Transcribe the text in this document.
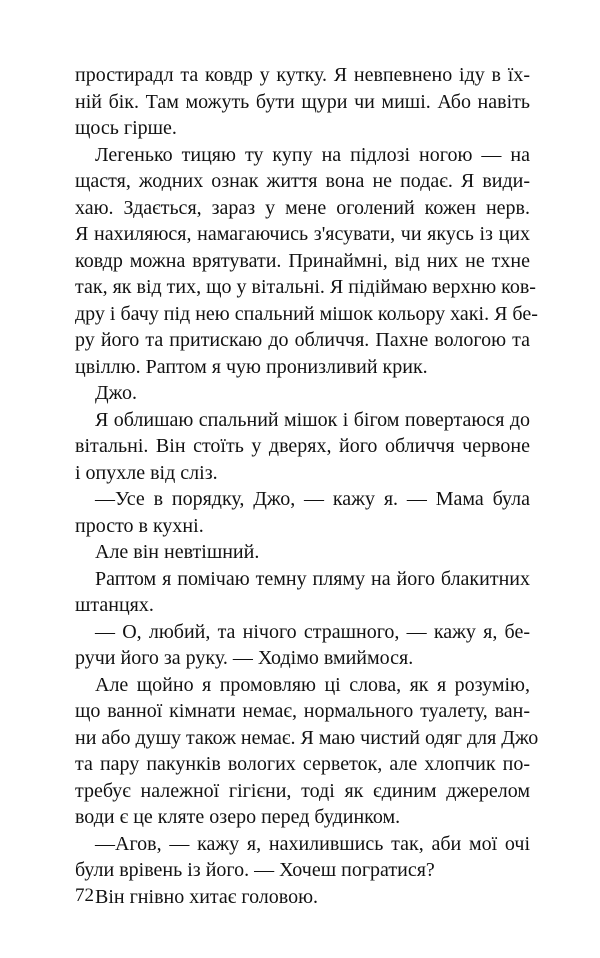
простирадл та ковдр у кутку. Я невпевнено іду в їх-
ній бік. Там можуть бути щури чи миші. Або навіть
щось гірше.
Легенько тицяю ту купу на підлозі ногою — на
щастя, жодних ознак життя вона не подає. Я види-
хаю. Здається, зараз у мене оголений кожен нерв.
Я нахиляюся, намагаючись з'ясувати, чи якусь із цих
ковдр можна врятувати. Принаймні, від них не тхне
так, як від тих, що у вітальні. Я підіймаю верхню ков-
дру і бачу під нею спальний мішок кольору хакі. Я бе-
ру його та притискаю до обличчя. Пахне вологою та
цвіллю. Раптом я чую пронизливий крик.
Джо.
Я облишаю спальний мішок і бігом повертаюся до
вітальні. Він стоїть у дверях, його обличчя червоне
і опухле від сліз.
—Усе в порядку, Джо, — кажу я. — Мама була
просто в кухні.
Але він невтішний.
Раптом я помічаю темну пляму на його блакитних
штанцях.
— О, любий, та нічого страшного, — кажу я, бе-
ручи його за руку. — Ходімо вмиймося.
Але щойно я промовляю ці слова, як я розумію,
що ванної кімнати немає, нормального туалету, ван-
ни або душу також немає. Я маю чистий одяг для Джо
та пару пакунків вологих серветок, але хлопчик по-
требує належної гігієни, тоді як єдиним джерелом
води є це кляте озеро перед будинком.
—Агов, — кажу я, нахилившись так, аби мої очі
були врівень із його. — Хочеш погратися?
Він гнівно хитає головою.
72
